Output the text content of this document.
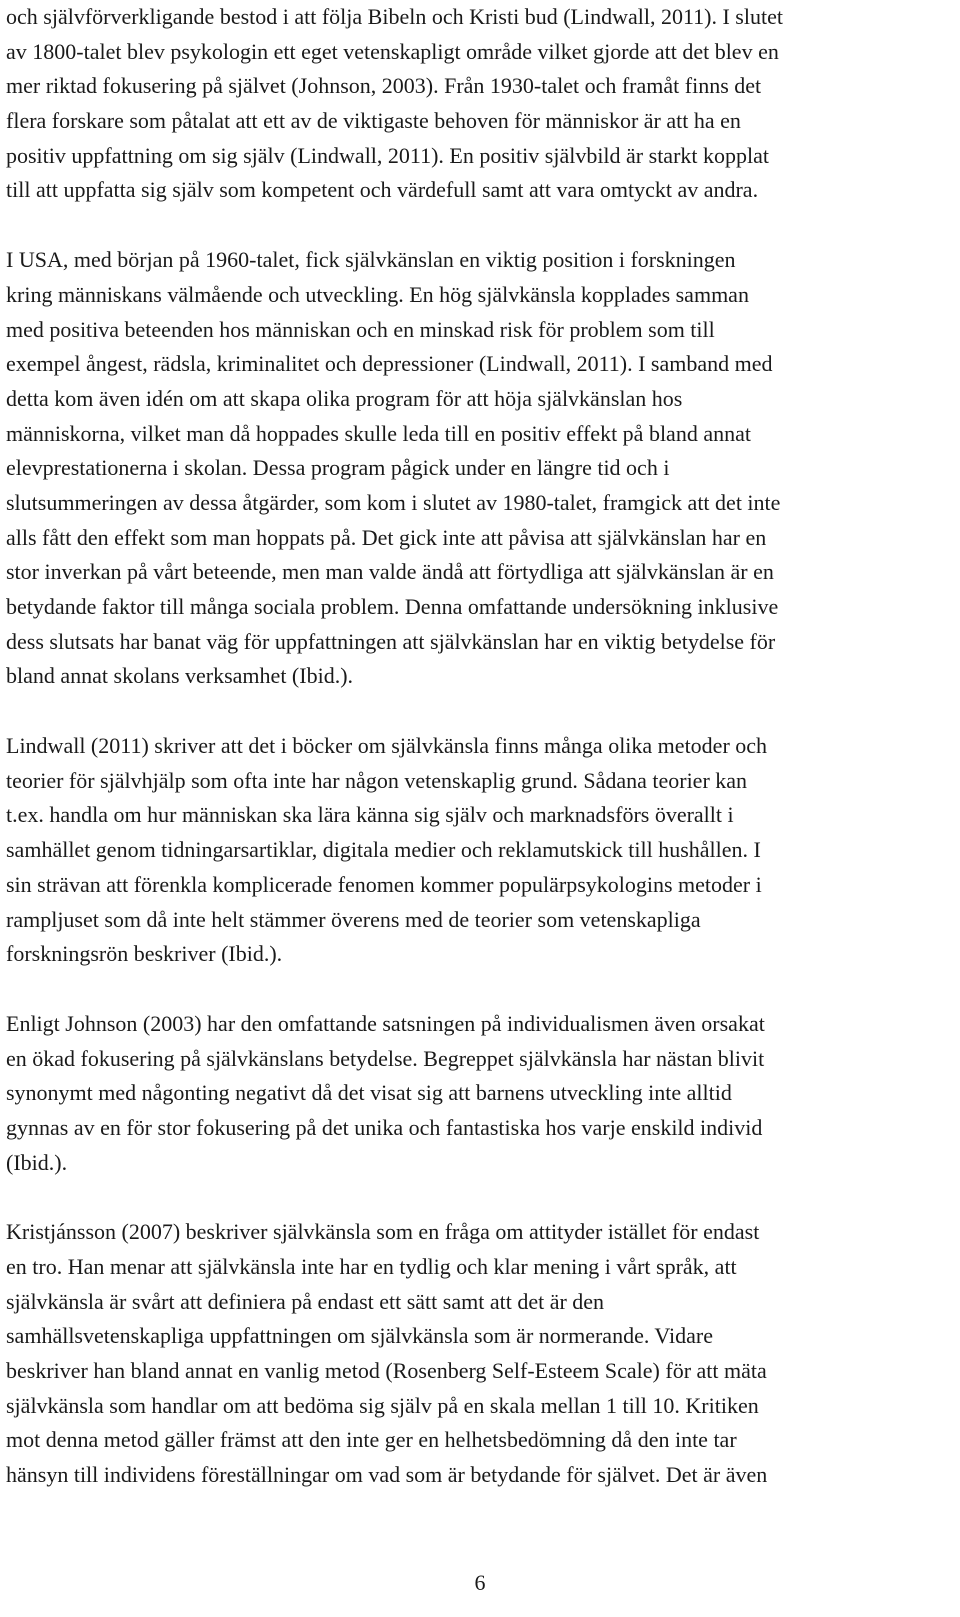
och självförverkligande bestod i att följa Bibeln och Kristi bud (Lindwall, 2011). I slutet
av 1800-talet blev psykologin ett eget vetenskapligt område vilket gjorde att det blev en
mer riktad fokusering på självet (Johnson, 2003). Från 1930-talet och framåt finns det
flera forskare som påtalat att ett av de viktigaste behoven för människor är att ha en
positiv uppfattning om sig själv (Lindwall, 2011). En positiv självbild är starkt kopplat
till att uppfatta sig själv som kompetent och värdefull samt att vara omtyckt av andra.
I USA, med början på 1960-talet, fick självkänslan en viktig position i forskningen
kring människans välmående och utveckling. En hög självkänsla kopplades samman
med positiva beteenden hos människan och en minskad risk för problem som till
exempel ångest, rädsla, kriminalitet och depressioner (Lindwall, 2011). I samband med
detta kom även idén om att skapa olika program för att höja självkänslan hos
människorna, vilket man då hoppades skulle leda till en positiv effekt på bland annat
elevprestationerna i skolan. Dessa program pågick under en längre tid och i
slutsummeringen av dessa åtgärder, som kom i slutet av 1980-talet, framgick att det inte
alls fått den effekt som man hoppats på. Det gick inte att påvisa att självkänslan har en
stor inverkan på vårt beteende, men man valde ändå att förtydliga att självkänslan är en
betydande faktor till många sociala problem. Denna omfattande undersökning inklusive
dess slutsats har banat väg för uppfattningen att självkänslan har en viktig betydelse för
bland annat skolans verksamhet (Ibid.).
Lindwall (2011) skriver att det i böcker om självkänsla finns många olika metoder och
teorier för självhjälp som ofta inte har någon vetenskaplig grund. Sådana teorier kan
t.ex. handla om hur människan ska lära känna sig själv och marknadsförs överallt i
samhället genom tidningarsartiklar, digitala medier och reklamutskick till hushållen. I
sin strävan att förenkla komplicerade fenomen kommer populärpsykologins metoder i
rampljuset som då inte helt stämmer överens med de teorier som vetenskapliga
forskningsrön beskriver (Ibid.).
Enligt Johnson (2003) har den omfattande satsningen på individualismen även orsakat
en ökad fokusering på självkänslans betydelse. Begreppet självkänsla har nästan blivit
synonymt med någonting negativt då det visat sig att barnens utveckling inte alltid
gynnas av en för stor fokusering på det unika och fantastiska hos varje enskild individ
(Ibid.).
Kristjánsson (2007) beskriver självkänsla som en fråga om attityder istället för endast
en tro. Han menar att självkänsla inte har en tydlig och klar mening i vårt språk, att
självkänsla är svårt att definiera på endast ett sätt samt att det är den
samhällsvetenskapliga uppfattningen om självkänsla som är normerande. Vidare
beskriver han bland annat en vanlig metod (Rosenberg Self-Esteem Scale) för att mäta
självkänsla som handlar om att bedöma sig själv på en skala mellan 1 till 10. Kritiken
mot denna metod gäller främst att den inte ger en helhetsbedömning då den inte tar
hänsyn till individens föreställningar om vad som är betydande för självet. Det är även
6
